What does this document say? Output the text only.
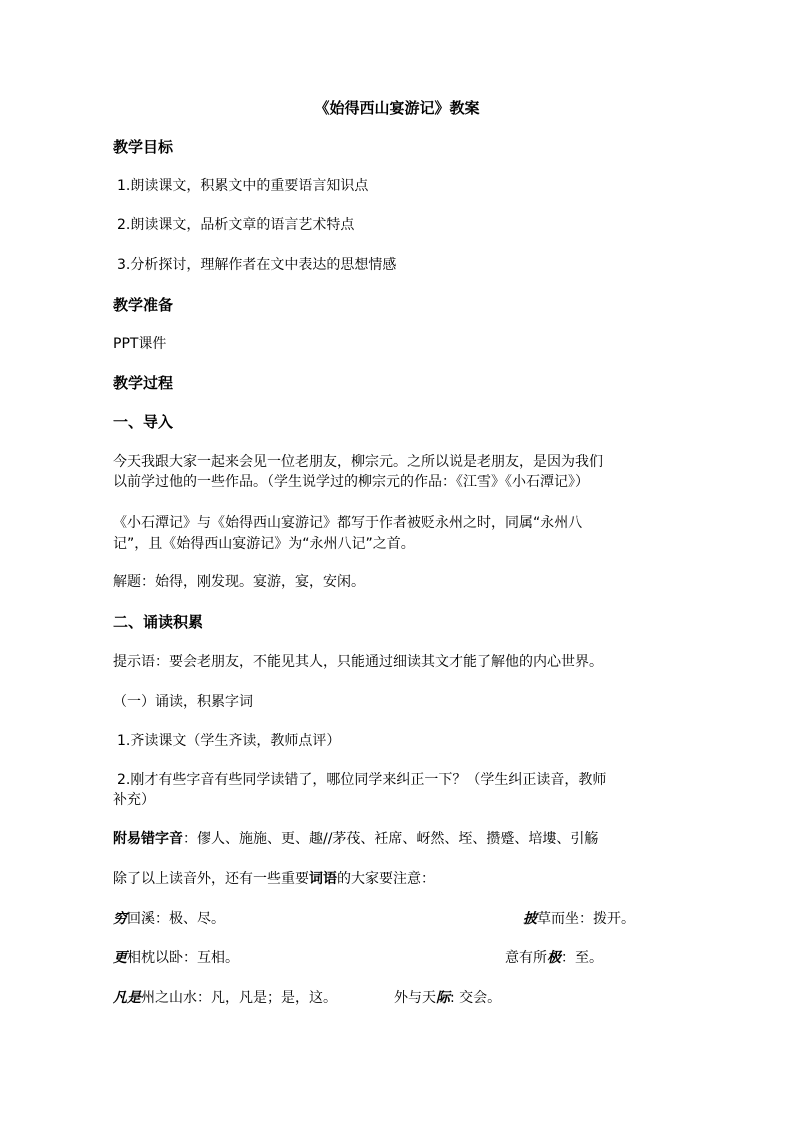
《始得西山宴游记》教案
教学目标
1.朗读课文，积累文中的重要语言知识点
2.朗读课文，品析文章的语言艺术特点
3.分析探讨，理解作者在文中表达的思想情感
教学准备
PPT课件
教学过程
一、导入
今天我跟大家一起来会见一位老朋友，柳宗元。之所以说是老朋友，是因为我们
以前学过他的一些作品。（学生说学过的柳宗元的作品：《江雪》《小石潭记》）
《小石潭记》与《始得西山宴游记》都写于作者被贬永州之时，同属“永州八
记”，且《始得西山宴游记》为“永州八记”之首。
解题：始得，刚发现。宴游，宴，安闲。
二、诵读积累
提示语：要会老朋友，不能见其人，只能通过细读其文才能了解他的内心世界。
（一）诵读，积累字词
1.齐读课文（学生齐读，教师点评）
2.刚才有些字音有些同学读错了，哪位同学来纠正一下？（学生纠正读音，教师
补充）
附易错字音：僇人、施施、更、趣//茅茷、衽席、岈然、垤、攒蹙、培塿、引觞
除了以上读音外，还有一些重要词语的大家要注意：
穷回溪：极、尽。	披草而坐：拨开。
更相枕以卧：互相。	意有所极：至。
凡是州之山水：凡，凡是；是，这。	外与天际: 交会。
